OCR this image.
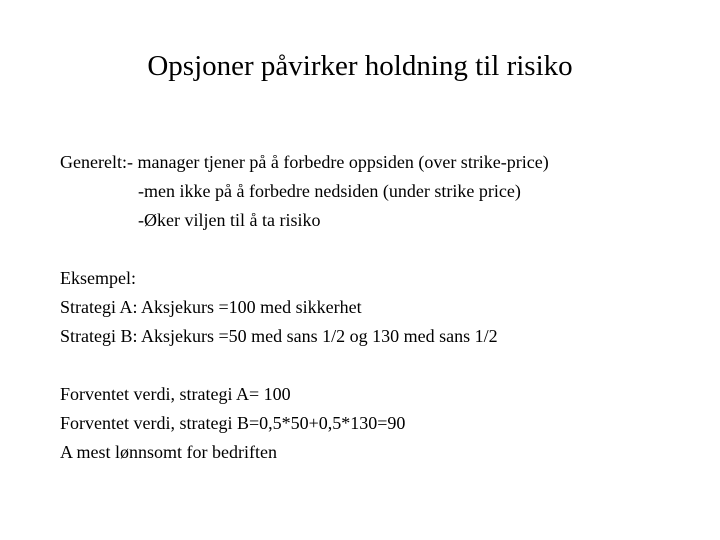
Opsjoner påvirker holdning til risiko
Generelt:- manager tjener på å forbedre oppsiden (over strike-price)
-men ikke på å forbedre nedsiden (under strike price)
-Øker viljen til å ta risiko
Eksempel:
Strategi A: Aksjekurs =100 med sikkerhet
Strategi B: Aksjekurs =50 med sans 1/2 og 130 med sans 1/2
Forventet verdi, strategi A= 100
Forventet verdi, strategi B=0,5*50+0,5*130=90
A mest lønnsomt for bedriften
